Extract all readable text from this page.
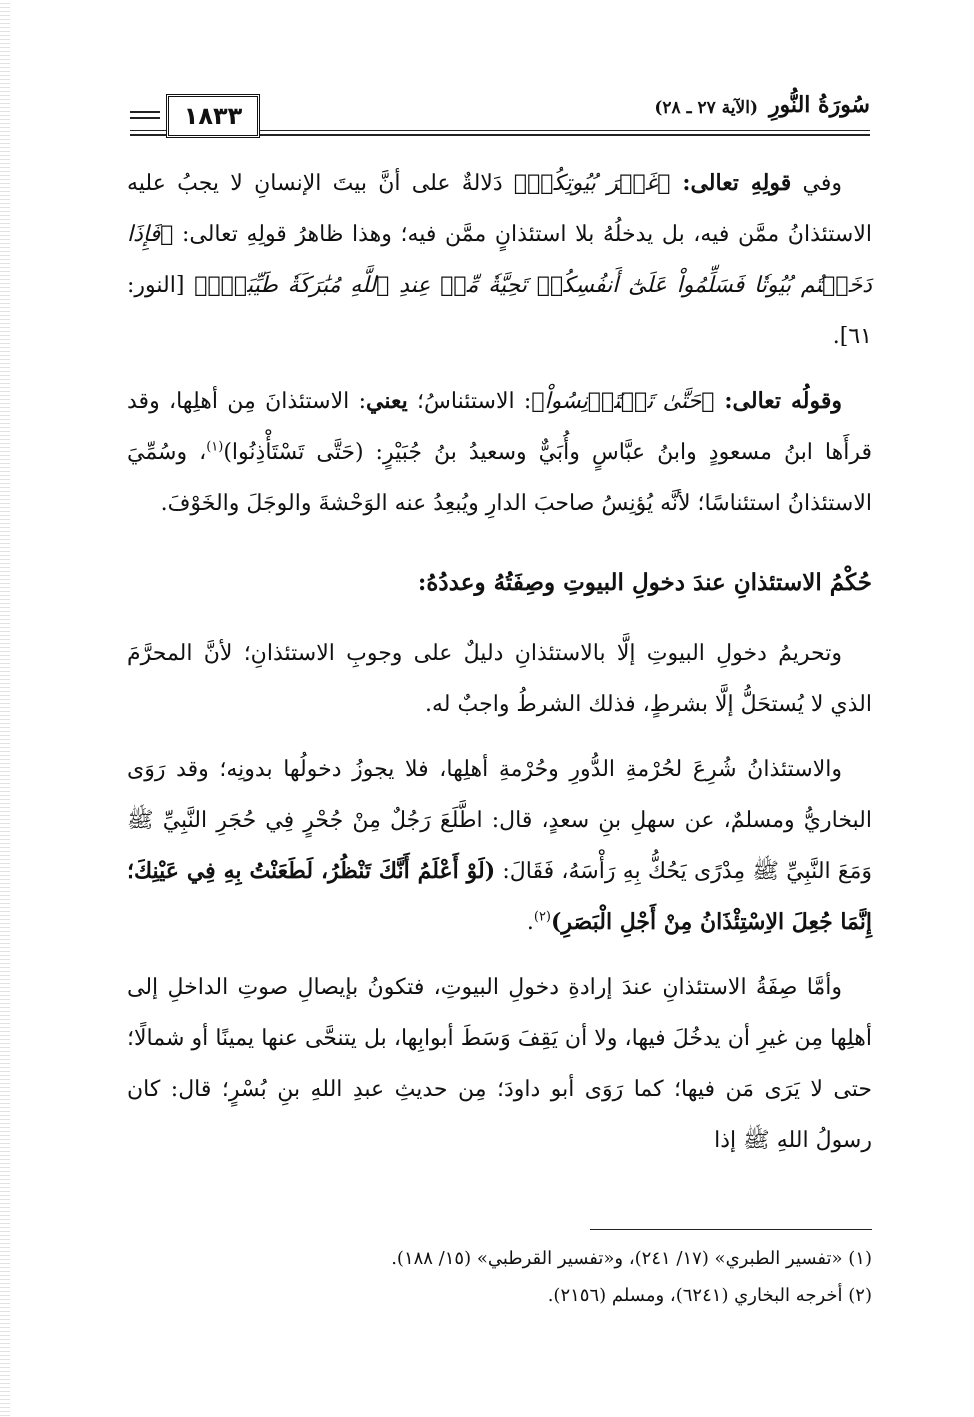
١٨٣٣	سُورَةُ النُّورِ
(الآية ٢٧ ـ ٢٨)

وفي قولِهِ تعالى: ﴿غَيۡرَ بُيُوتِكُمۡ﴾ دَلالةٌ على أنَّ بيتَ الإنسانِ لا يجبُ عليه الاستئذانُ ممَّن فيه، بل يدخلُهُ بلا استئذانٍ ممَّن فيه؛ وهذا ظاهرُ قولِهِ تعالى: ﴿فَإِذَا دَخَلۡتُم بُيُوتٗا فَسَلِّمُواْ عَلَىٰٓ أَنفُسِكُمۡ تَحِيَّةٗ مِّنۡ عِندِ ٱللَّهِ مُبَٰرَكَةٗ طَيِّبَةٗۚ﴾ [النور: ٦١].

وقولُه تعالى: ﴿حَتَّىٰ تَسۡتَأۡنِسُواْ﴾: الاستئناسُ؛ يعني: الاستئذانَ مِن أهلِها، وقد قرأَها ابنُ مسعودٍ وابنُ عبَّاسٍ وأُبَيٌّ وسعيدُ بنُ جُبَيْرٍ: (حَتَّى تَسْتَأْذِنُوا)$^{(١)}$، وسُمِّيَ الاستئذانُ استئناسًا؛ لأنَّه يُؤنِسُ صاحبَ الدارِ ويُبعِدُ عنه الوَحْشةَ والوجَلَ والخَوْفَ.

حُكْمُ الاستئذانِ عندَ دخولِ البيوتِ وصِفَتُهُ وعددُهُ:

وتحريمُ دخولِ البيوتِ إلَّا بالاستئذانِ دليلٌ على وجوبِ الاستئذانِ؛ لأنَّ المحرَّمَ الذي لا يُستحَلُّ إلَّا بشرطٍ، فذلك الشرطُ واجبٌ له.

والاستئذانُ شُرِعَ لحُرْمةِ الدُّورِ وحُرْمةِ أهلِها، فلا يجوزُ دخولُها بدونِه؛ وقد رَوَى البخاريُّ ومسلمٌ، عن سهلِ بنِ سعدٍ، قال: اطَّلَعَ رَجُلٌ مِنْ جُحْرٍ فِي حُجَرِ النَّبِيِّ ﷺ وَمَعَ النَّبِيِّ ﷺ مِدْرًى يَحُكُّ بِهِ رَأْسَهُ، فَقَالَ: (لَوْ أَعْلَمُ أَنَّكَ تَنْظُرُ، لَطَعَنْتُ بِهِ فِي عَيْنِكَ؛ إِنَّمَا جُعِلَ الاِسْتِئْذَانُ مِنْ أَجْلِ الْبَصَرِ)$^{(٢)}$.

وأمَّا صِفَةُ الاستئذانِ عندَ إرادةِ دخولِ البيوتِ، فتكونُ بإيصالِ صوتِ الداخلِ إلى أهلِها مِن غيرِ أن يدخُلَ فيها، ولا أن يَقِفَ وَسَطَ أبوابِها، بل يتنحَّى عنها يمينًا أو شمالًا؛ حتى لا يَرَى مَن فيها؛ كما رَوَى أبو داودَ؛ مِن حديثِ عبدِ اللهِ بنِ بُسْرٍ؛ قال: كان رسولُ اللهِ ﷺ إذا

(١) «تفسير الطبري» (١٧/ ٢٤١)، و«تفسير القرطبي» (١٥/ ١٨٨).
(٢) أخرجه البخاري (٦٢٤١)، ومسلم (٢١٥٦).
